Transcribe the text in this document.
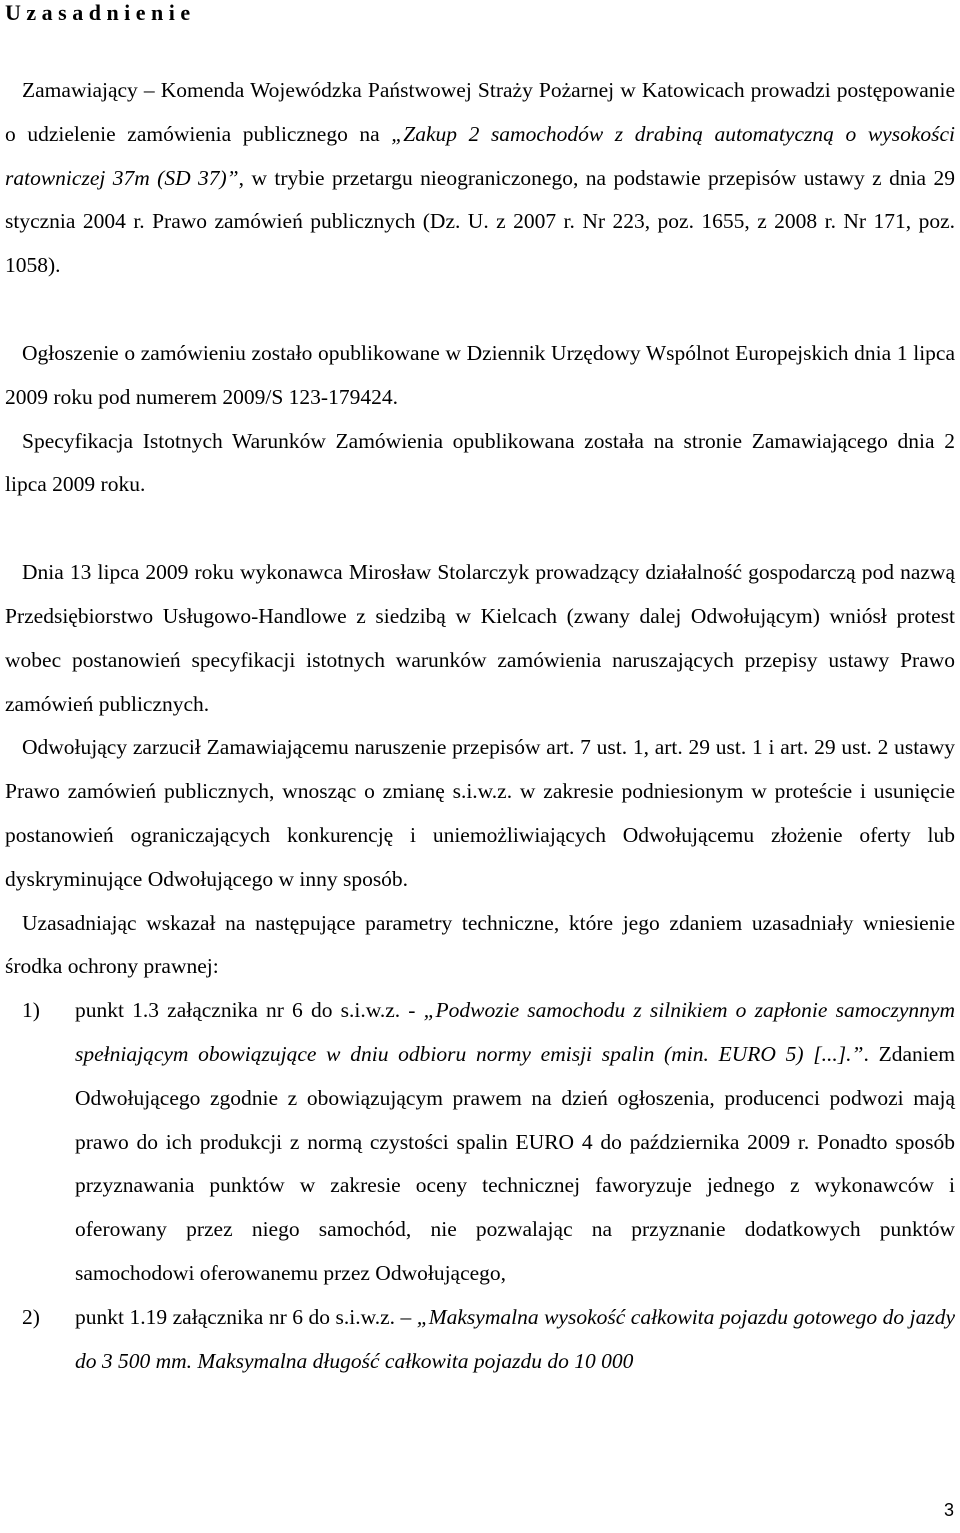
Uzasadnienie

Zamawiający – Komenda Wojewódzka Państwowej Straży Pożarnej w Katowicach prowadzi postępowanie o udzielenie zamówienia publicznego na „Zakup 2 samochodów z drabiną automatyczną o wysokości ratowniczej 37m (SD 37)”, w trybie przetargu nieograniczonego, na podstawie przepisów ustawy z dnia 29 stycznia 2004 r. Prawo zamówień publicznych (Dz. U. z 2007 r. Nr 223, poz. 1655, z 2008 r. Nr 171, poz. 1058).

Ogłoszenie o zamówieniu zostało opublikowane w Dziennik Urzędowy Wspólnot Europejskich dnia 1 lipca 2009 roku pod numerem 2009/S 123-179424.

Specyfikacja Istotnych Warunków Zamówienia opublikowana została na stronie Zamawiającego dnia 2 lipca 2009 roku.

Dnia 13 lipca 2009 roku wykonawca Mirosław Stolarczyk prowadzący działalność gospodarczą pod nazwą Przedsiębiorstwo Usługowo-Handlowe z siedzibą w Kielcach (zwany dalej Odwołującym) wniósł protest wobec postanowień specyfikacji istotnych warunków zamówienia naruszających przepisy ustawy Prawo zamówień publicznych.

Odwołujący zarzucił Zamawiającemu naruszenie przepisów art. 7 ust. 1, art. 29 ust. 1 i art. 29 ust. 2 ustawy Prawo zamówień publicznych, wnosząc o zmianę s.i.w.z. w zakresie podniesionym w proteście i usunięcie postanowień ograniczających konkurencję i uniemożliwiających Odwołującemu złożenie oferty lub dyskryminujące Odwołującego w inny sposób.

Uzasadniając wskazał na następujące parametry techniczne, które jego zdaniem uzasadniały wniesienie środka ochrony prawnej:

1) punkt 1.3 załącznika nr 6 do s.i.w.z. - „Podwozie samochodu z silnikiem o zapłonie samoczynnym spełniającym obowiązujące w dniu odbioru normy emisji spalin (min. EURO 5) [...].”. Zdaniem Odwołującego zgodnie z obowiązującym prawem na dzień ogłoszenia, producenci podwozi mają prawo do ich produkcji z normą czystości spalin EURO 4 do października 2009 r. Ponadto sposób przyznawania punktów w zakresie oceny technicznej faworyzuje jednego z wykonawców i oferowany przez niego samochód, nie pozwalając na przyznanie dodatkowych punktów samochodowi oferowanemu przez Odwołującego,
2) punkt 1.19 załącznika nr 6 do s.i.w.z. – „Maksymalna wysokość całkowita pojazdu gotowego do jazdy do 3 500 mm. Maksymalna długość całkowita pojazdu do 10 000
3
